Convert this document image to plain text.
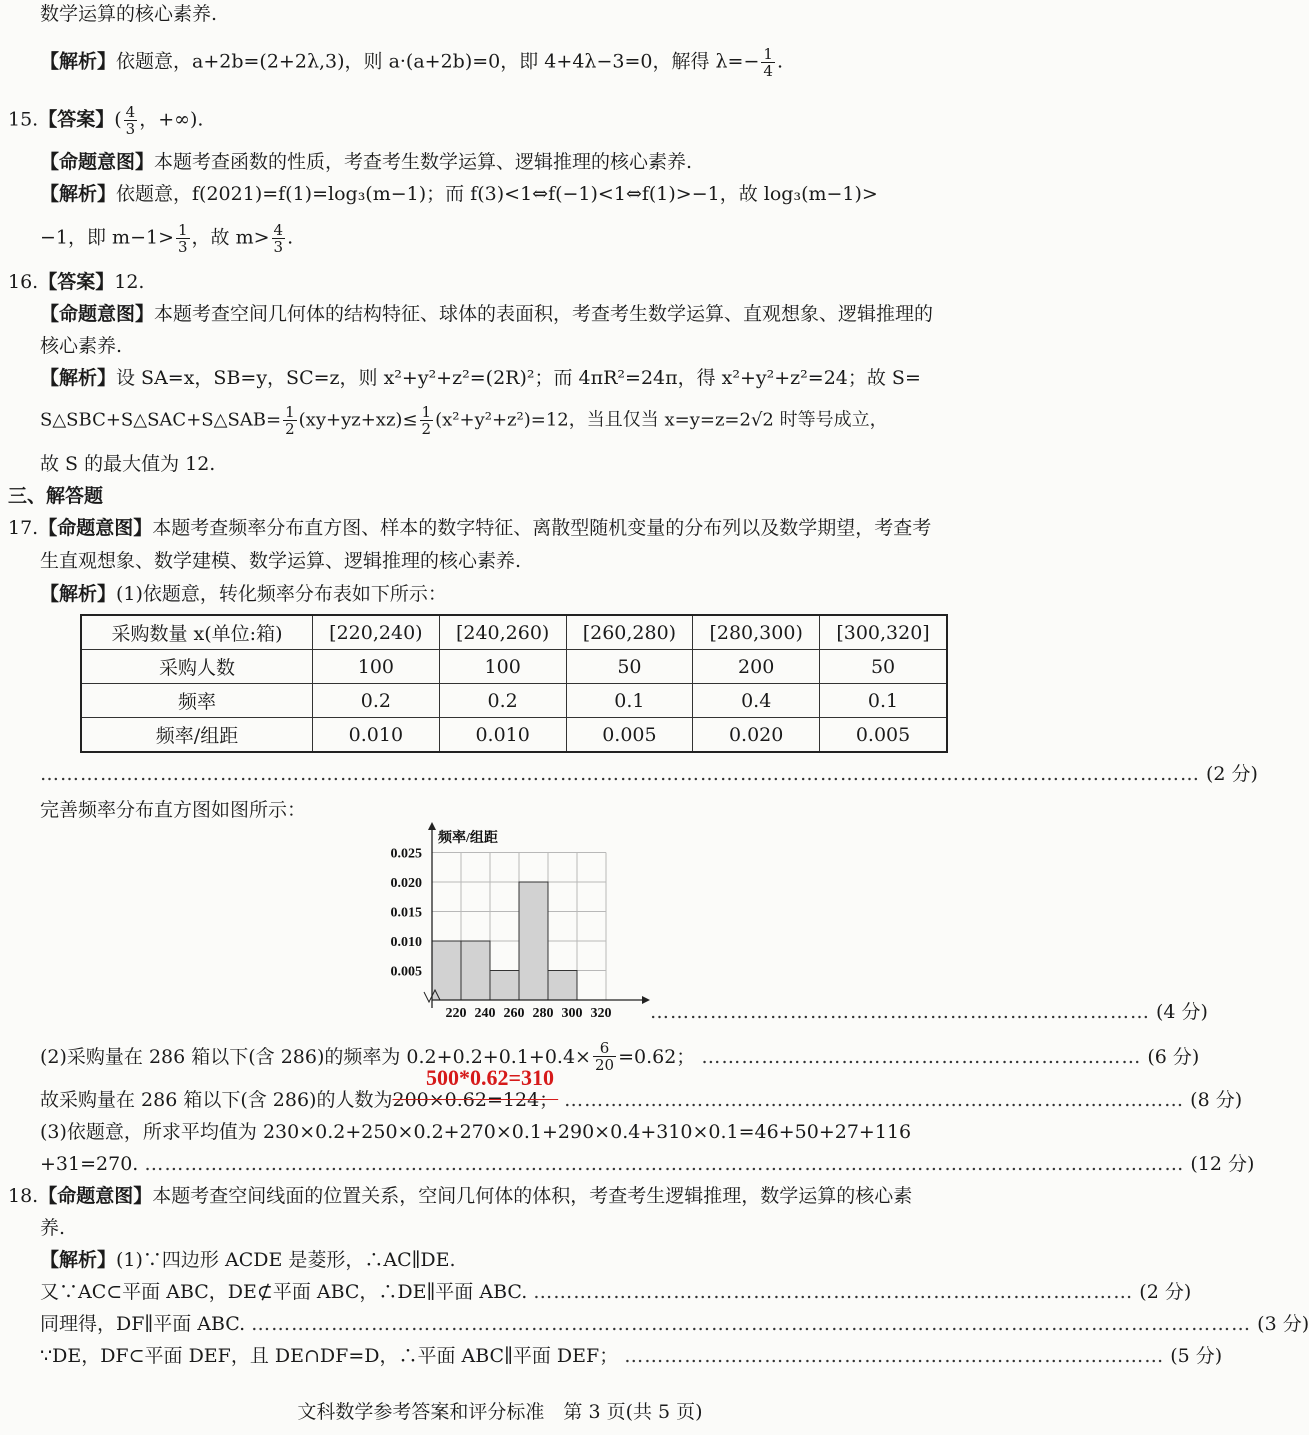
数学运算的核心素养.
【解析】依题意，a+2b=(2+2λ,3)，则 a·(a+2b)=0，即 4+4λ−3=0，解得 $\lambda=- \frac{1}{4}$ .
15.【答案】( $\frac{4}{3}$ ，+∞).
【命题意图】本题考查函数的性质，考查考生数学运算、逻辑推理的核心素养.
【解析】依题意，f(2021)=f(1)=log₃(m−1)；而 f(3)<1⇔f(−1)<1⇔f(1)>−1，故 log₃(m−1)>
−1，即 $m-1> \frac{1}{3}$ ，故 $m> \frac{4}{3}$ .
16.【答案】12.
【命题意图】本题考查空间几何体的结构特征、球体的表面积，考查考生数学运算、直观想象、逻辑推理的
核心素养.
【解析】设 SA=x，SB=y，SC=z，则 x²+y²+z²=(2R)²；而 4πR²=24π，得 x²+y²+z²=24；故 S=
S△SBC+S△SAC+S△SAB= $\frac{1}{2} (xy+yz+xz)\le \frac{1}{2} (x^2+y^2+z^2)=12$，当且仅当 x=y=z=2√2 时等号成立，
故 S 的最大值为 12.
三、解答题
17.【命题意图】本题考查频率分布直方图、样本的数字特征、离散型随机变量的分布列以及数学期望，考查考
生直观想象、数学建模、数学运算、逻辑推理的核心素养.
【解析】(1)依题意，转化频率分布表如下所示：
采购数量 x(单位:箱)	[220,240)	[240,260)	[260,280)	[280,300)	[300,320]
采购人数	100	100	50	200	50
频率	0.2	0.2	0.1	0.4	0.1
频率/组距	0.010	0.010	0.005	0.020	0.005
………………………………………………………………………………………………………………………………………………………… (2 分)
完善频率分布直方图如图所示：
0.005
0.010
0.015
0.020
0.025
220 240 260 280 300 320
频率/组距
………………………………………………………………… (4 分)
(2)采购量在 286 箱以下(含 286)的频率为 $0.2+0.2+0.1+0.4\times \frac{6}{20} =0.62$； ………………………………………………………… (6 分)
500*0.62=310
故采购量在 286 箱以下(含 286)的人数为 200×0.62=124； ………………………………………………………………………………… (8 分)
(3)依题意，所求平均值为 230×0.2+250×0.2+270×0.1+290×0.4+310×0.1=46+50+27+116
+31=270. ………………………………………………………………………………………………………………………………………… (12 分)
18.【命题意图】本题考查空间线面的位置关系，空间几何体的体积，考查考生逻辑推理，数学运算的核心素
养.
【解析】(1)∵四边形 ACDE 是菱形，∴AC∥DE.
又∵AC⊂平面 ABC，DE⊄平面 ABC，∴DE∥平面 ABC. ……………………………………………………………………………… (2 分)
同理得，DF∥平面 ABC. …………………………………………………………………………………………………………………………………… (3 分)
∵DE，DF⊂平面 DEF，且 DE∩DF=D，∴平面 ABC∥平面 DEF； ……………………………………………………………………… (5 分)
文科数学参考答案和评分标准　第 3 页(共 5 页)
